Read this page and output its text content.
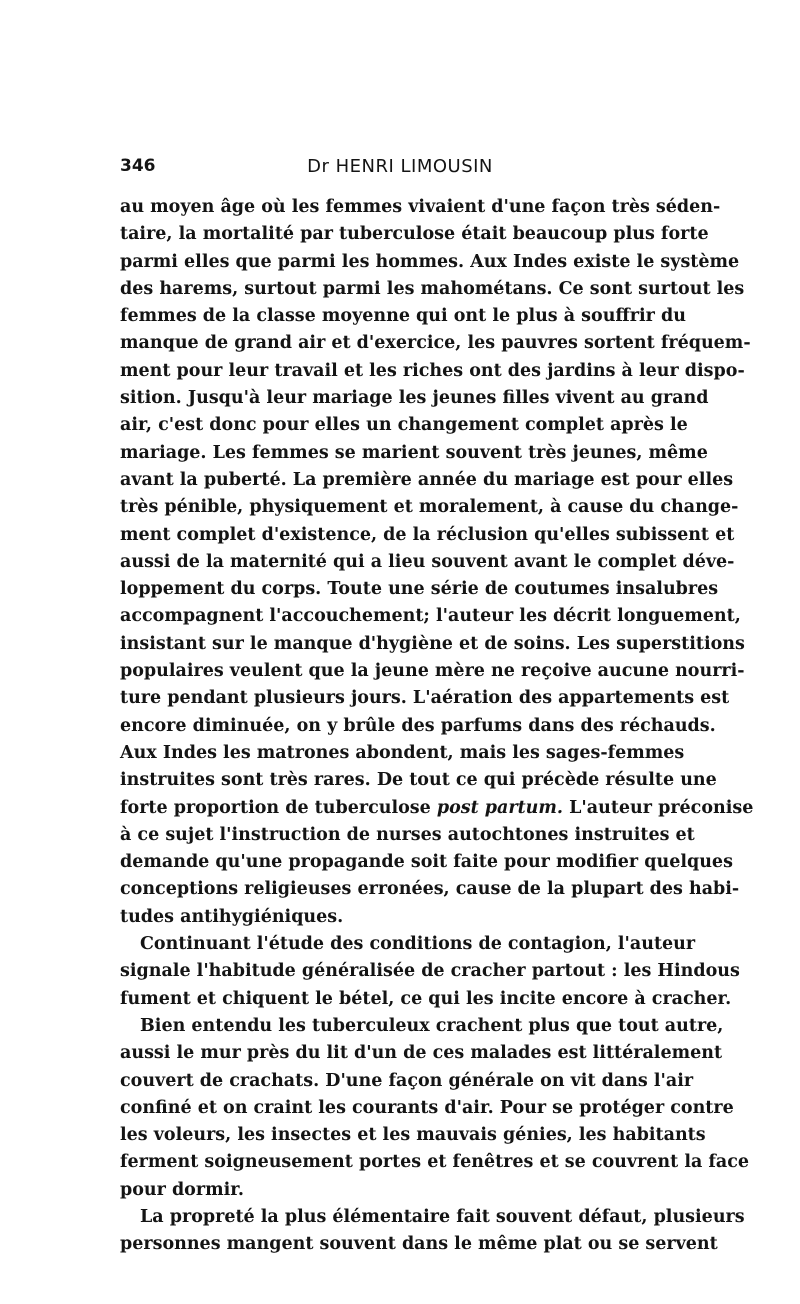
346	Dr HENRI LIMOUSIN
au moyen âge où les femmes vivaient d'une façon très séden-
taire, la mortalité par tuberculose était beaucoup plus forte
parmi elles que parmi les hommes. Aux Indes existe le système
des harems, surtout parmi les mahométans. Ce sont surtout les
femmes de la classe moyenne qui ont le plus à souffrir du
manque de grand air et d'exercice, les pauvres sortent fréquem-
ment pour leur travail et les riches ont des jardins à leur dispo-
sition. Jusqu'à leur mariage les jeunes filles vivent au grand
air, c'est donc pour elles un changement complet après le
mariage. Les femmes se marient souvent très jeunes, même
avant la puberté. La première année du mariage est pour elles
très pénible, physiquement et moralement, à cause du change-
ment complet d'existence, de la réclusion qu'elles subissent et
aussi de la maternité qui a lieu souvent avant le complet déve-
loppement du corps. Toute une série de coutumes insalubres
accompagnent l'accouchement; l'auteur les décrit longuement,
insistant sur le manque d'hygiène et de soins. Les superstitions
populaires veulent que la jeune mère ne reçoive aucune nourri-
ture pendant plusieurs jours. L'aération des appartements est
encore diminuée, on y brûle des parfums dans des réchauds.
Aux Indes les matrones abondent, mais les sages-femmes
instruites sont très rares. De tout ce qui précède résulte une
forte proportion de tuberculose post partum. L'auteur préconise
à ce sujet l'instruction de nurses autochtones instruites et
demande qu'une propagande soit faite pour modifier quelques
conceptions religieuses erronées, cause de la plupart des habi-
tudes antihygiéniques.
Continuant l'étude des conditions de contagion, l'auteur
signale l'habitude généralisée de cracher partout : les Hindous
fument et chiquent le bétel, ce qui les incite encore à cracher.
Bien entendu les tuberculeux crachent plus que tout autre,
aussi le mur près du lit d'un de ces malades est littéralement
couvert de crachats. D'une façon générale on vit dans l'air
confiné et on craint les courants d'air. Pour se protéger contre
les voleurs, les insectes et les mauvais génies, les habitants
ferment soigneusement portes et fenêtres et se couvrent la face
pour dormir.
La propreté la plus élémentaire fait souvent défaut, plusieurs
personnes mangent souvent dans le même plat ou se servent
